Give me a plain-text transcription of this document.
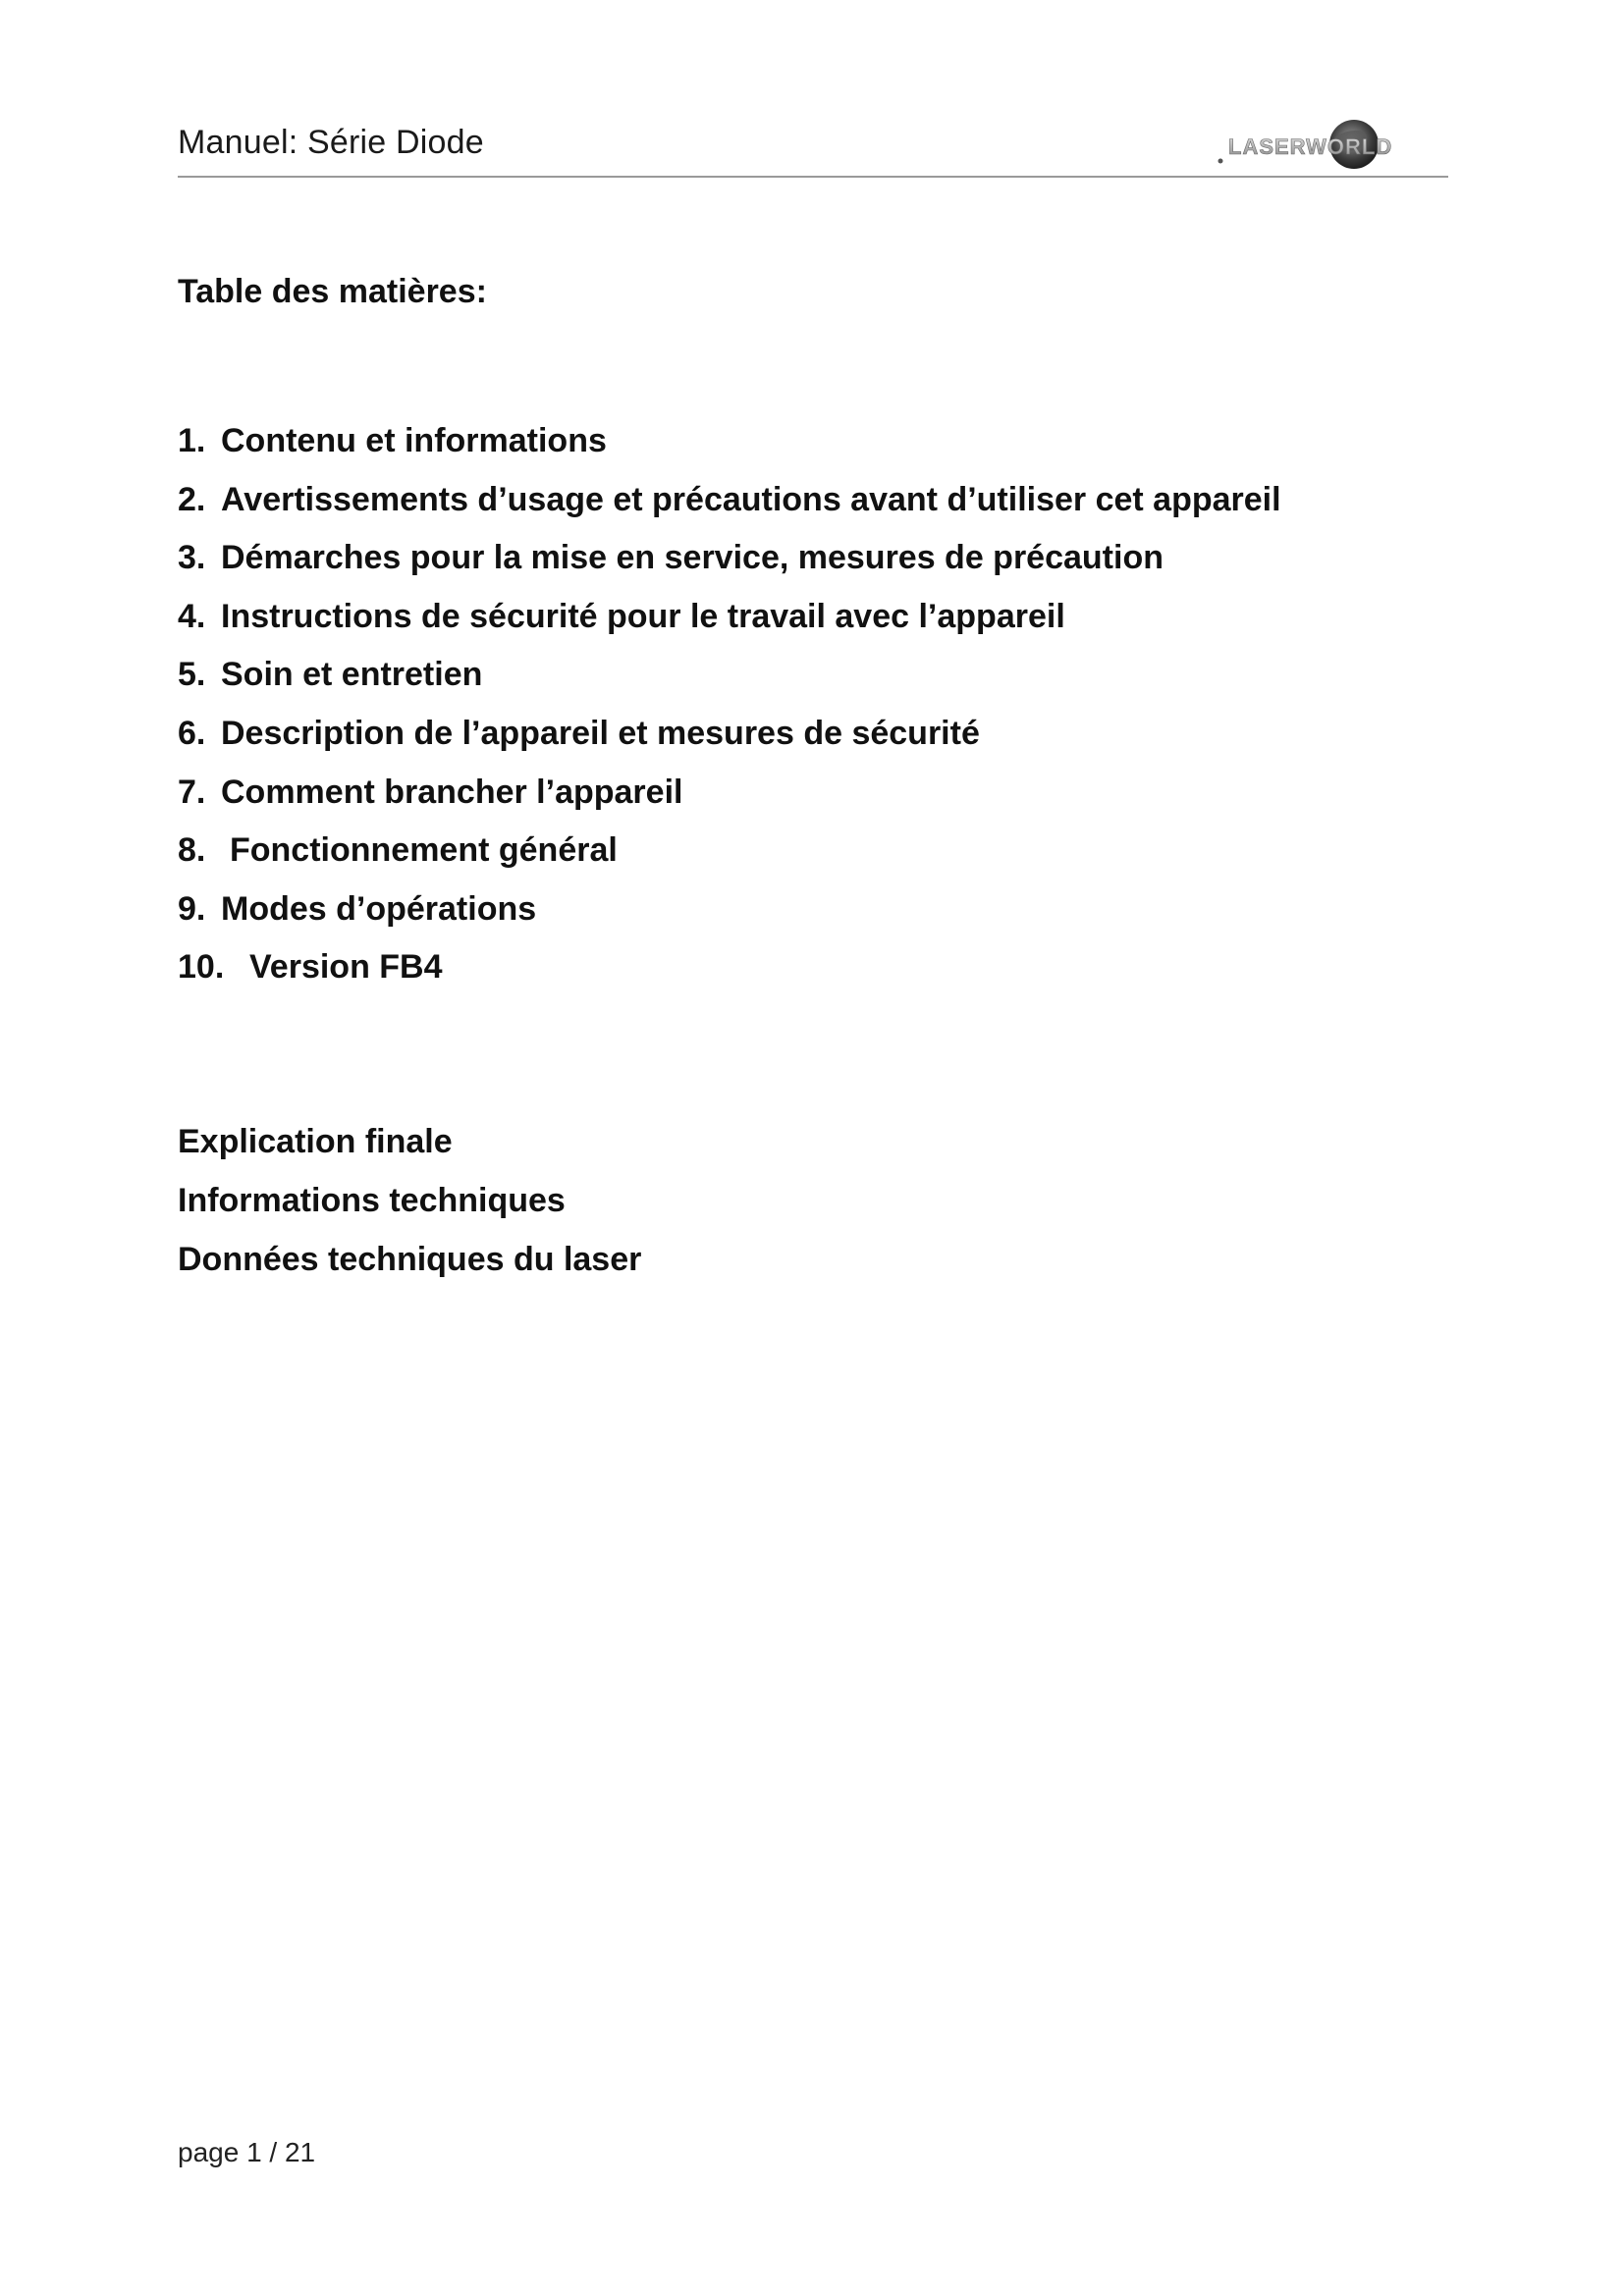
Manuel: Série Diode	LASERWORLD
Table des matières:
1. Contenu et informations
2. Avertissements d’usage et précautions avant d’utiliser cet appareil
3. Démarches pour la mise en service, mesures de précaution
4. Instructions de sécurité pour le travail avec l’appareil
5. Soin et entretien
6. Description de l’appareil et mesures de sécurité
7. Comment brancher l’appareil
8. Fonctionnement général
9. Modes d’opérations
10. Version FB4
Explication finale
Informations techniques
Données techniques du laser
page 1 / 21
